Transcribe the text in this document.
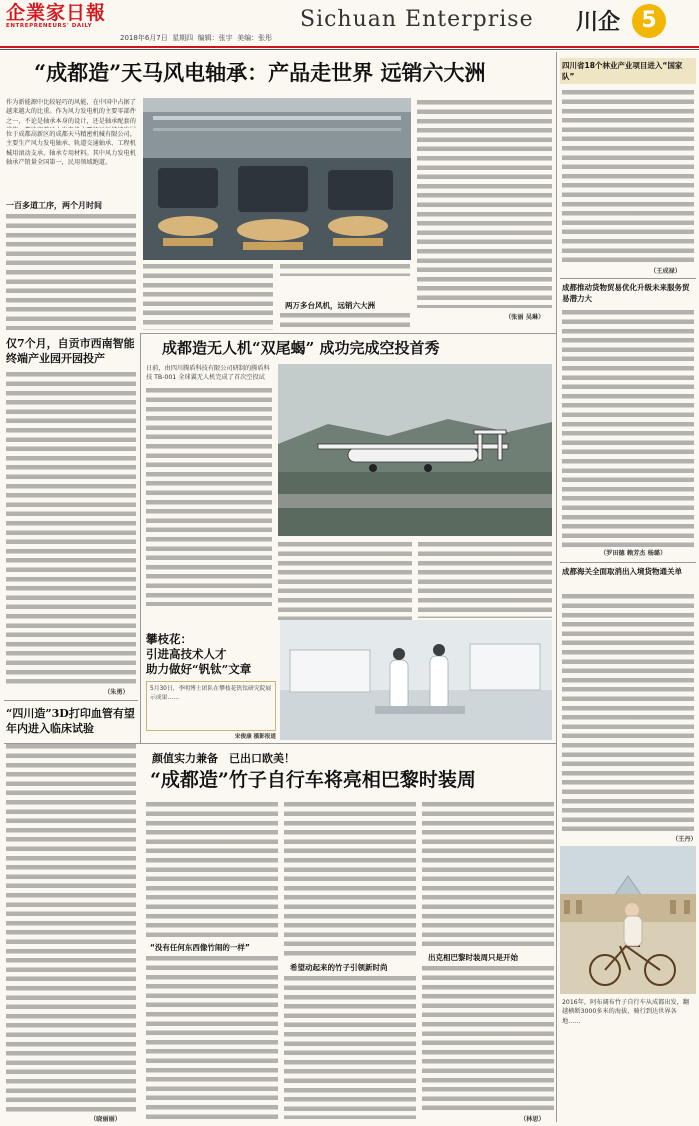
企業家日報
ENTREPRENEURS' DAILY
2018年6月7日 星期四 编辑：张宇 美编：张彤
Sichuan Enterprise 川企 5
“成都造”天马风电轴承：产品走世界 远销六大洲
作为新能源中比较轻巧的风能，在中国中占据了越来越大的比重。作为风力发电机的主要零部件之一，不论是轴承本身的设计，还是轴承配套的
位于成都高新区的成都天马精密机械有限公司，主要生产风力发电轴承、轨道交通轴承、工程机械用滚动支承、轴承专用材料。其中风力发电机轴承产销量全国第一，民用领域跑道。
一百多道工序，两个月时间
两万多台风机，远销六大洲
（张丽 吴琳）
仅7个月，自贡市西南智能终端产业园开园投产
（朱勇）
“四川造”3D打印血管有望年内进入临床试验
（晓丽丽）
成都造无人机“双尾蝎” 成功完成空投首秀
日前，由四川腾盾科技有限公司研制的腾盾科技 TB-001 全球翼无人机完成了首次空投试
攀枝花：
引进高技术人才
助力做好“钒钛”文章
5月30日，李明博士团队在攀枝花钒钛研究院展示成果……
宋俊康 摄影报道
颜值实力兼备　已出口欧美！
“成都造”竹子自行车将亮相巴黎时装周
“没有任何东西像竹闹的一样”
希望动起来的竹子引领新时尚
出克相巴黎时装周只是开始
（林思）
四川省18个林业产业项目进入“国家队”
（王成禄）
成都推动货物贸易优化升级未来服务贸易潜力大
（罗田德 赖芳杰 杨璐）
成都海关全面取消出入境货物通关单
（王丹）
2016年，阿布阔布竹子自行车从成都出发，翻越横断3000多米的海拔，骑行到达世界各地……
